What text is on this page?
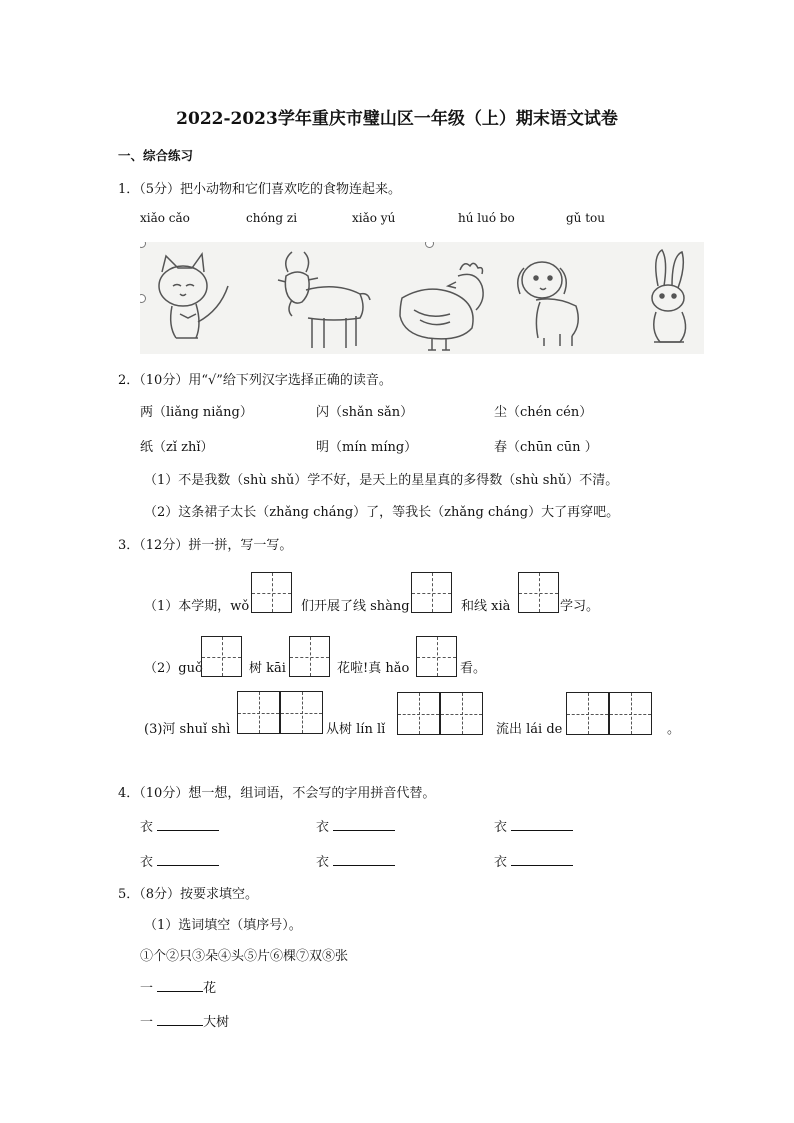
2022-2023学年重庆市璧山区一年级（上）期末语文试卷
一、综合练习
1．（5分）把小动物和它们喜欢吃的食物连起来。
xiǎo cǎo	chóng zi	xiǎo yú	hú luó bo	gǔ tou
2．（10分）用“√”给下列汉字选择正确的读音。
两（liǎng niǎng）	闪（shǎn sǎn）	尘（chén cén）
纸（zǐ zhǐ）	明（mín míng）	春（chūn cūn ）
（1）不是我数（shù shǔ）学不好，是天上的星星真的多得数（shù shǔ）不清。
（2）这条裙子太长（zhǎng cháng）了，等我长（zhǎng cháng）大了再穿吧。
3．（12分）拼一拼，写一写。
（1）本学期，wǒ	们开展了线 shàng	和线 xià	学习。
（2）guǒ	树 kāi	花啦!真 hǎo	看。
(3)河 shuǐ shì	从树 lín lǐ	流出 lái de	。
4．（10分）想一想，组词语，不会写的字用拼音代替。
衣	衣	衣
衣	衣	衣
5．（8分）按要求填空。
（1）选词填空（填序号）。
①个②只③朵④头⑤片⑥棵⑦双⑧张
一	花
一	大树
